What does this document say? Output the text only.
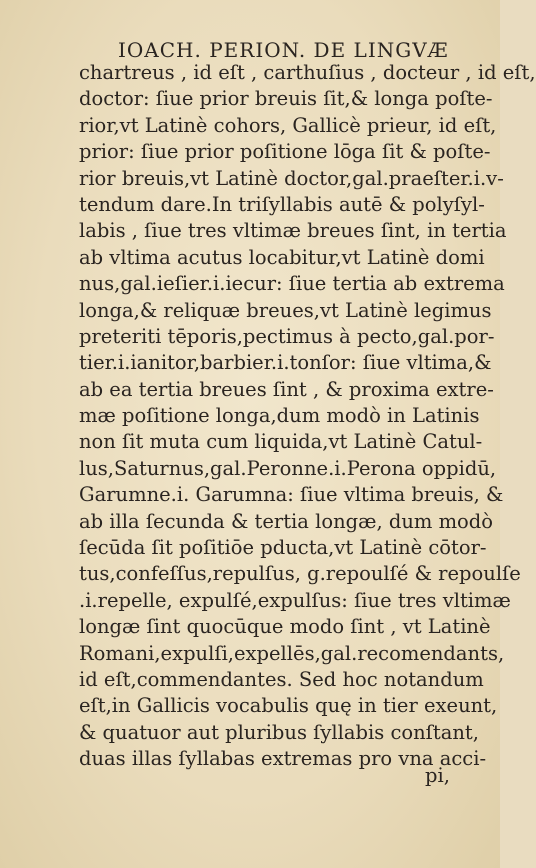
IOACH. PERION. DE LINGVÆ
chartreus , id eſt , carthuſius , docteur , id eſt,
doctor: ſiue prior breuis ſit,& longa poſte-
rior,vt Latinè cohors, Gallicè prieur, id eſt,
prior: ſiue prior poſitione lōga ſit & poſte-
rior breuis,vt Latinè doctor,gal.praeſter.i.v-
tendum dare.In triſyllabis autē & polyſyl-
labis , ſiue tres vltimæ breues ſint, in tertia
ab vltima acutus locabitur,vt Latinè domi
nus,gal.ieſier.i.iecur: ſiue tertia ab extrema
longa,& reliquæ breues,vt Latinè legimus
preteriti tēporis,pectimus à pecto,gal.por-
tier.i.ianitor,barbier.i.tonſor: ſiue vltima,&
ab ea tertia breues ſint , & proxima extre-
mæ poſitione longa,dum modò in Latinis
non ſit muta cum liquida,vt Latinè Catul-
lus,Saturnus,gal.Peronne.i.Perona oppidū,
Garumne.i. Garumna: ſiue vltima breuis, &
ab illa ſecunda & tertia longæ, dum modò
ſecūda ſit poſitiōe pducta,vt Latinè cōtor-
tus,confeſſus,repulſus, g.repoulſé & repoulſe
.i.repelle, expulſé,expulſus: ſiue tres vltimæ
longæ ſint quocūque modo ſint , vt Latinè
Romani,expulſi,expellēs,gal.recomendants,
id eſt,commendantes. Sed hoc notandum
eſt,in Gallicis vocabulis quę in tier exeunt,
& quatuor aut pluribus ſyllabis conſtant,
duas illas ſyllabas extremas pro vna acci-
pi,
